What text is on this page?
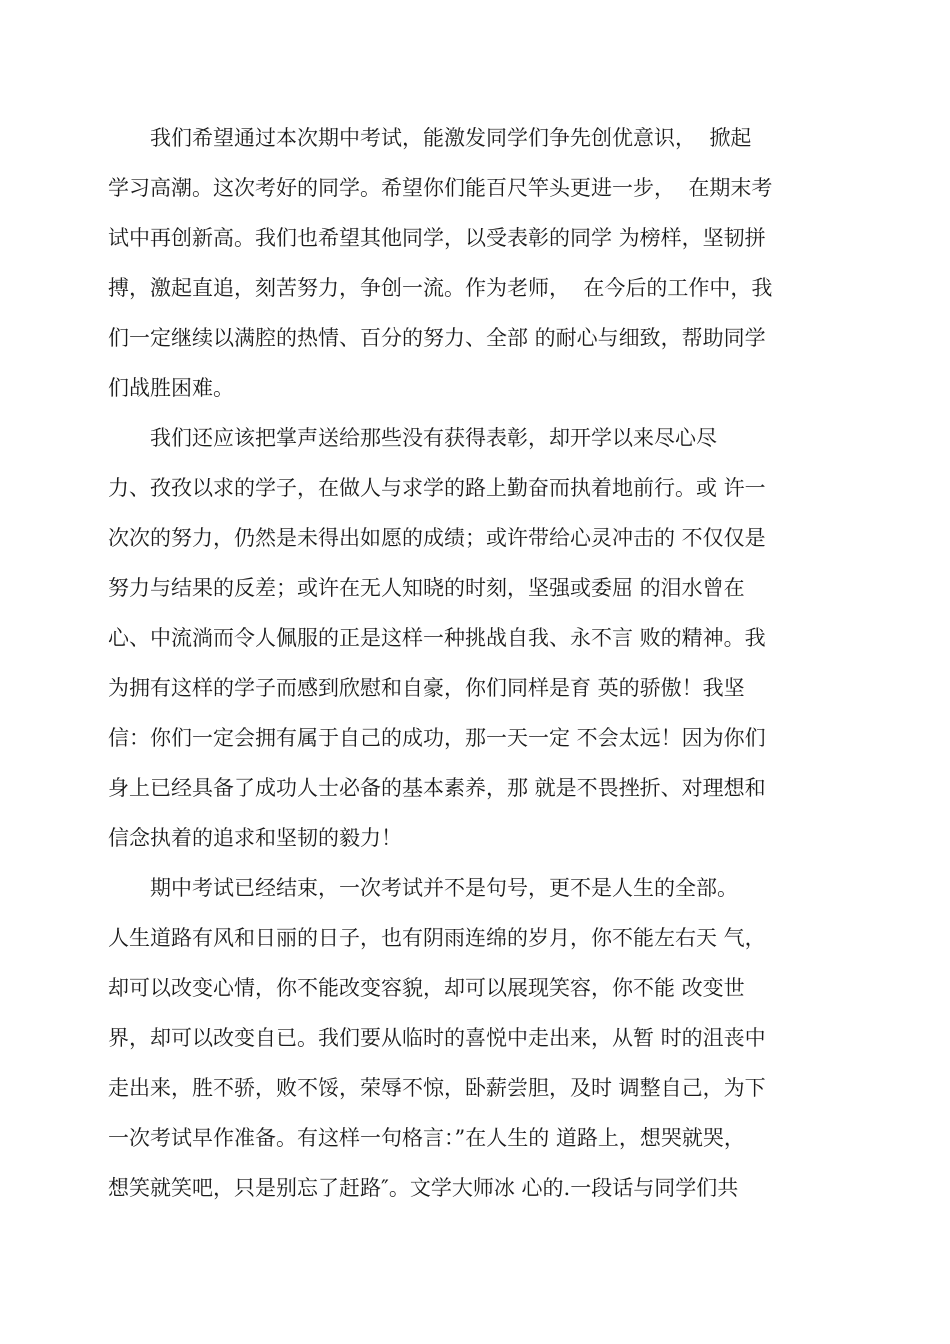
　　我们希望通过本次期中考试，能激发同学们争先创优意识，  掀起
学习高潮。这次考好的同学。希望你们能百尺竿头更进一步，  在期末考
试中再创新高。我们也希望其他同学，以受表彰的同学 为榜样，坚韧拼
搏，激起直追，刻苦努力，争创一流。作为老师，  在今后的工作中，我
们一定继续以满腔的热情、百分的努力、全部 的耐心与细致，帮助同学
们战胜困难。
　　我们还应该把掌声送给那些没有获得表彰，却开学以来尽心尽
力、孜孜以求的学子，在做人与求学的路上勤奋而执着地前行。或 许一
次次的努力，仍然是未得出如愿的成绩；或许带给心灵冲击的 不仅仅是
努力与结果的反差；或许在无人知晓的时刻，坚强或委屈 的泪水曾在
心、中流淌而令人佩服的正是这样一种挑战自我、永不言 败的精神。我
为拥有这样的学子而感到欣慰和自豪，你们同样是育 英的骄傲！我坚
信：你们一定会拥有属于自己的成功，那一天一定 不会太远！因为你们
身上已经具备了成功人士必备的基本素养，那 就是不畏挫折、对理想和
信念执着的追求和坚韧的毅力！
　　期中考试已经结束，一次考试并不是句号，更不是人生的全部。
人生道路有风和日丽的日子，也有阴雨连绵的岁月，你不能左右天 气，
却可以改变心情，你不能改变容貌，却可以展现笑容，你不能 改变世
界，却可以改变自已。我们要从临时的喜悦中走出来，从暂 时的沮丧中
走出来，胜不骄，败不馁，荣辱不惊，卧薪尝胆，及时 调整自己，为下
一次考试早作准备。有这样一句格言：”在人生的 道路上，想哭就哭，
想笑就笑吧，只是别忘了赶路″。文学大师冰 心的.一段话与同学们共
